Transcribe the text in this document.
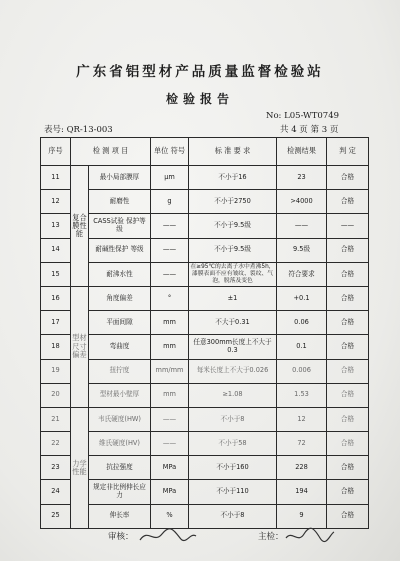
广东省铝型材产品质量监督检验站
检验报告
No: L05-WT0749
表号: QR-13-003	共 4 页 第 3 页
序号	检 测 项 目		单位 符号	标 准 要 求	检测结果	判 定
11	复合膜性能	最小局部膜厚	μm	不小于16	23	合格
12		耐磨性	g	不小于2750	>4000	合格
13		CASS试验 保护等级	——	不小于9.5级	——	——
14		耐碱性保护 等级	——	不小于9.5级	9.5级	合格
15		耐沸水性	——	在≥95℃的去离子水中煮沸5h，漆膜表面不应有皱纹、裂纹、气泡，脱落及变色	符合要求	合格
16	型材尺寸偏差	角度偏差	°	±1	+0.1	合格
17		平面间隙	mm	不大于0.31	0.06	合格
18		弯曲度	mm	任意300mm长度上不大于0.3	0.1	合格
19		扭拧度	mm/mm	每米长度上不大于0.026	0.006	合格
20		型材最小壁厚	mm	≥1.08	1.53	合格
21	力学性能	韦氏硬度(HW)	——	不小于8	12	合格
22		维氏硬度(HV)	——	不小于58	72	合格
23		抗拉强度	MPa	不小于160	228	合格
24		规定非比例伸长应力	MPa	不小于110	194	合格
25		伸长率	%	不小于8	9	合格
审核：	主检：
